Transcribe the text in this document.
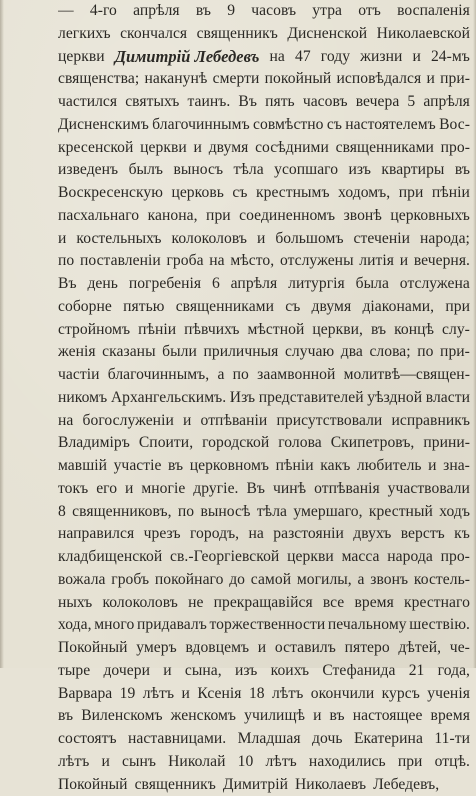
— 4-го апрѣля въ 9 часовъ утра отъ воспаленія
легкихъ скончался священникъ Дисненской Николаевской
церкви Димитрій Лебедевъ на 47 году жизни и 24-мъ
священства; наканунѣ смерти покойный исповѣдался и при-
частился святыхъ таинъ. Въ пять часовъ вечера 5 апрѣля
Дисненскимъ благочиннымъ совмѣстно съ настоятелемъ Вос-
кресенской церкви и двумя сосѣдними священниками про-
изведенъ былъ выносъ тѣла усопшаго изъ квартиры въ
Воскресенскую церковь съ крестнымъ ходомъ, при пѣніи
пасхальнаго канона, при соединенномъ звонѣ церковныхъ
и костельныхъ колоколовъ и большомъ стеченіи народа;
по поставленіи гроба на мѣсто, отслужены литія и вечерня.
Въ день погребенія 6 апрѣля литургія была отслужена
соборне пятью священниками съ двумя діаконами, при
стройномъ пѣніи пѣвчихъ мѣстной церкви, въ концѣ слу-
женія сказаны были приличныя случаю два слова; по при-
частіи благочиннымъ, а по заамвонной молитвѣ—священ-
никомъ Архангельскимъ. Изъ представителей уѣздной власти
на богослуженіи и отпѣваніи присутствовали исправникъ
Владиміръ Споити, городской голова Скипетровъ, прини-
мавшій участіе въ церковномъ пѣніи какъ любитель и зна-
токъ его и многіе другіе. Въ чинѣ отпѣванія участвовали
8 священниковъ, по выносѣ тѣла умершаго, крестный ходъ
направился чрезъ городъ, на разстояніи двухъ верстъ къ
кладбищенской св.-Георгіевской церкви масса народа про-
вожала гробъ покойнаго до самой могилы, а звонъ костель-
ныхъ колоколовъ не прекращавійся все время крестнаго
хода, много придавалъ торжественности печальному шествію.
Покойный умеръ вдовцемъ и оставилъ пятеро дѣтей, че-
тыре дочери и сына, изъ коихъ Стефанида 21 года,
Варвара 19 лѣтъ и Ксенія 18 лѣтъ окончили курсъ ученія
въ Виленскомъ женскомъ училищѣ и въ настоящее время
состоятъ наставницами. Младшая дочь Екатерина 11-ти
лѣтъ и сынъ Николай 10 лѣтъ находились при отцѣ.
Покойный священникъ Димитрій Николаевъ Лебедевъ,
